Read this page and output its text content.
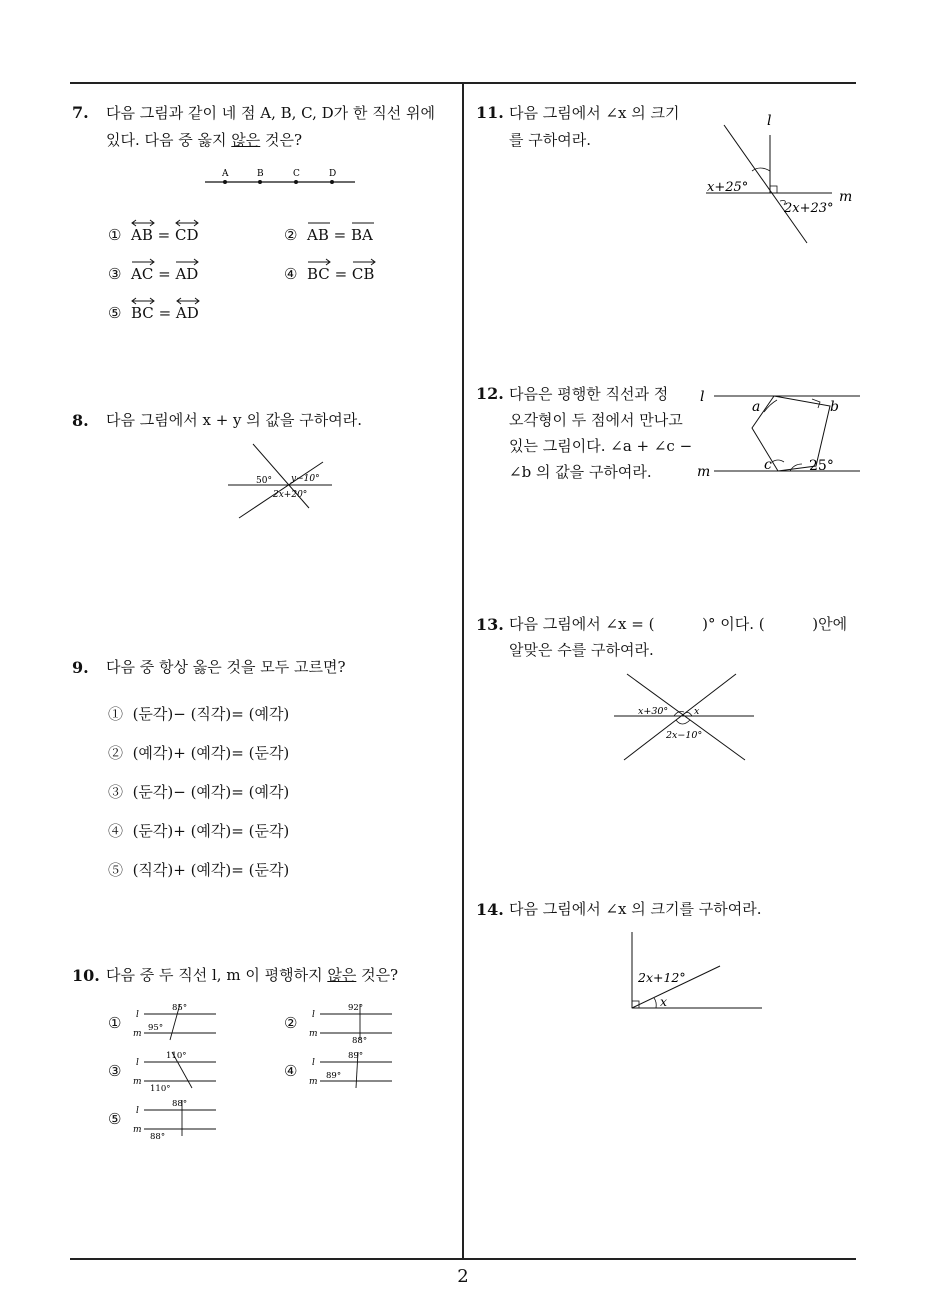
2
7. 다음 그림과 같이 네 점 A, B, C, D가 한 직선 위에
있다. 다음 중 옳지 않은 것은?
A	B	C	D
① AB = CD	② AB = BA
③ AC = AD	④ BC = CB
⑤ BC = AD
8. 다음 그림에서 x + y 의 값을 구하여라.
50° y−10°
2x+20°
9. 다음 중 항상 옳은 것을 모두 고르면?
① (둔각)− (직각)= (예각)
② (예각)+ (예각)= (둔각)
③ (둔각)− (예각)= (예각)
④ (둔각)+ (예각)= (둔각)
⑤ (직각)+ (예각)= (둔각)
10. 다음 중 두 직선 l, m 이 평행하지 않은 것은?
① l
m
85°
95°	② l
m
92°
88°
③ l
m
110°
110°
④ l
m
89°
89°
⑤ l
m
88°
88°
11. 다음 그림에서 ∠x 의 크기
를 구하여라.
l
m
x+25°
2x+23°
12. 다음은 평행한 직선과 정
오각형이 두 점에서 만나고
있는 그림이다. ∠a + ∠c −
∠b 의 값을 구하여라.
l
m
a	b
c	25°
13. 다음 그림에서 ∠x = (          )° 이다. (          )안에
알맞은 수를 구하여라.
x+30°	x
2x−10°
14. 다음 그림에서 ∠x 의 크기를 구하여라.
2x+12°
x
